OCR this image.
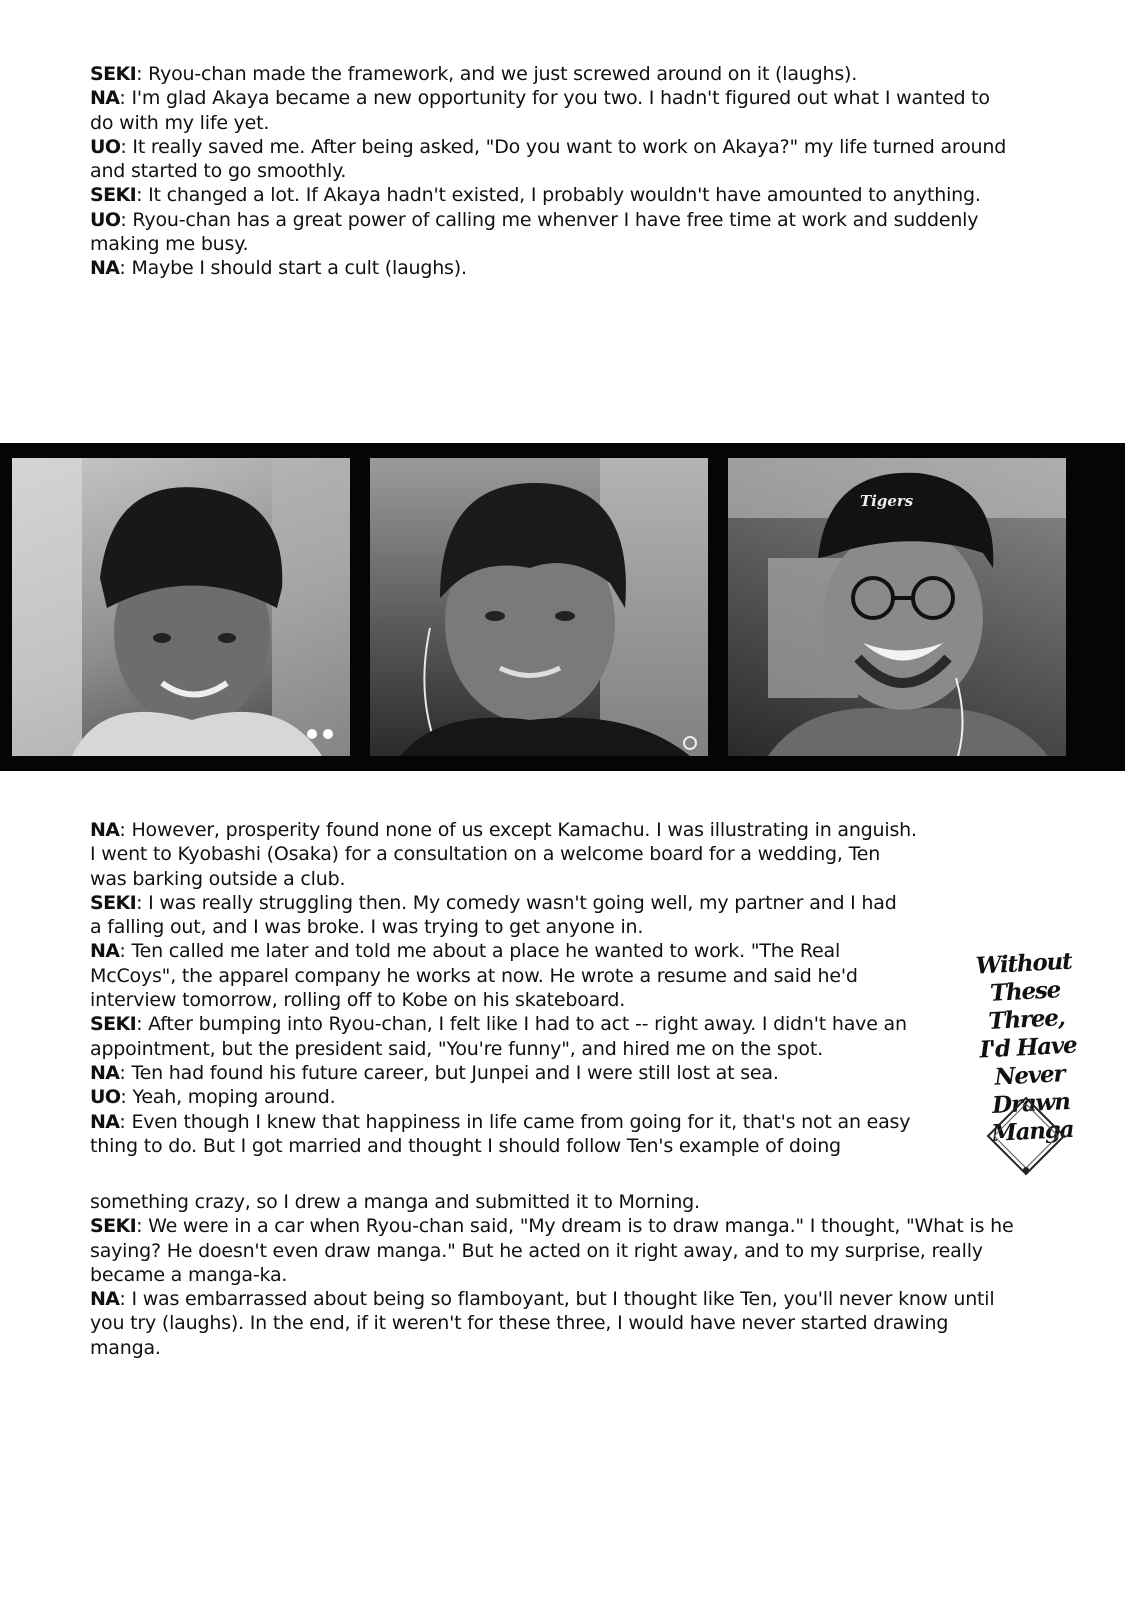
SEKI: Ryou-chan made the framework, and we just screwed around on it (laughs).

NA: I'm glad Akaya became a new opportunity for you two. I hadn't figured out what I wanted to

do with my life yet.

UO: It really saved me. After being asked, "Do you want to work on Akaya?" my life turned around

and started to go smoothly.

SEKI: It changed a lot. If Akaya hadn't existed, I probably wouldn't have amounted to anything.

UO: Ryou-chan has a great power of calling me whenver I have free time at work and suddenly

making me busy.

NA: Maybe I should start a cult (laughs).

Tigers

NA: However, prosperity found none of us except Kamachu. I was illustrating in anguish.

I went to Kyobashi (Osaka) for a consultation on a welcome board for a wedding, Ten

was barking outside a club.

SEKI: I was really struggling then. My comedy wasn't going well, my partner and I had

a falling out, and I was broke. I was trying to get anyone in.

NA: Ten called me later and told me about a place he wanted to work. "The Real

McCoys", the apparel company he works at now. He wrote a resume and said he'd

interview tomorrow, rolling off to Kobe on his skateboard.

SEKI: After bumping into Ryou-chan, I felt like I had to act -- right away. I didn't have an

appointment, but the president said, "You're funny", and hired me on the spot.

NA: Ten had found his future career, but Junpei and I were still lost at sea.

UO: Yeah, moping around.

NA: Even though I knew that happiness in life came from going for it, that's not an easy

thing to do. But I got married and thought I should follow Ten's example of doing

Without
These Three,
I'd Have
Never
Drawn
Manga

something crazy, so I drew a manga and submitted it to Morning.

SEKI: We were in a car when Ryou-chan said, "My dream is to draw manga." I thought, "What is he

saying? He doesn't even draw manga." But he acted on it right away, and to my surprise, really

became a manga-ka.

NA: I was embarrassed about being so flamboyant, but I thought like Ten, you'll never know until

you try (laughs). In the end, if it weren't for these three, I would have never started drawing

manga.
